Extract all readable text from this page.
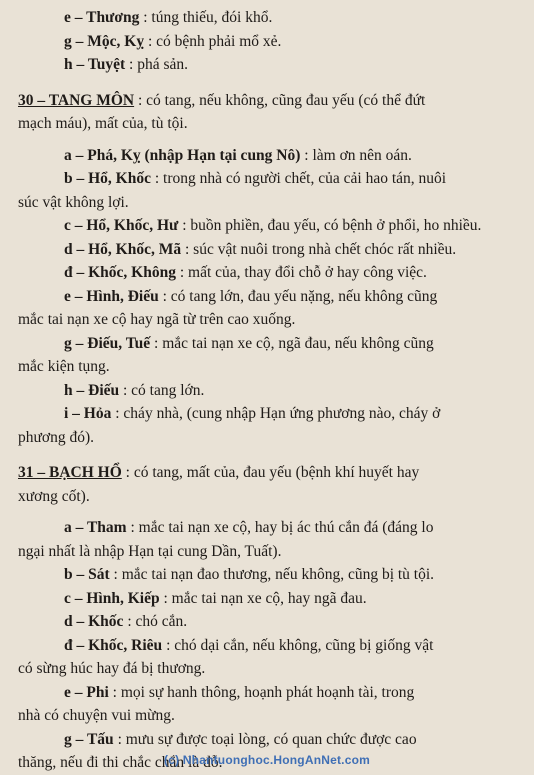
e – Thương : túng thiếu, đói khổ.
g – Mộc, Kỵ : có bệnh phải mổ xẻ.
h – Tuyệt : phá sản.
30 – TANG MÔN : có tang, nếu không, cũng đau yếu (có thể đứt
mạch máu), mất của, tù tội.
a – Phá, Kỵ (nhập Hạn tại cung Nô) : làm ơn nên oán.
b – Hổ, Khốc : trong nhà có người chết, của cải hao tán, nuôi
súc vật không lợi.
c – Hổ, Khốc, Hư : buồn phiền, đau yếu, có bệnh ở phổi, ho nhiều.
d – Hổ, Khốc, Mã : súc vật nuôi trong nhà chết chóc rất nhiều.
đ – Khốc, Không : mất của, thay đổi chỗ ở hay công việc.
e – Hình, Điếu : có tang lớn, đau yếu nặng, nếu không cũng
mắc tai nạn xe cộ hay ngã từ trên cao xuống.
g – Điếu, Tuế : mắc tai nạn xe cộ, ngã đau, nếu không cũng
mắc kiện tụng.
h – Điếu : có tang lớn.
i – Hỏa : cháy nhà, (cung nhập Hạn ứng phương nào, cháy ở
phương đó).
31 – BẠCH HỔ : có tang, mất của, đau yếu (bệnh khí huyết hay
xương cốt).
a – Tham : mắc tai nạn xe cộ, hay bị ác thú cắn đá (đáng lo
ngại nhất là nhập Hạn tại cung Dần, Tuất).
b – Sát : mắc tai nạn đao thương, nếu không, cũng bị tù tội.
c – Hình, Kiếp : mắc tai nạn xe cộ, hay ngã đau.
d – Khốc : chó cắn.
đ – Khốc, Riêu : chó dại cắn, nếu không, cũng bị giống vật
có sừng húc hay đá bị thương.
e – Phi : mọi sự hanh thông, hoạnh phát hoạnh tài, trong
nhà có chuyện vui mừng.
g – Tấu : mưu sự được toại lòng, có quan chức được cao
thăng, nếu đi thi chắc chắn là đỗ.
(c) Nhantuonghoc.HongAnNet.com
